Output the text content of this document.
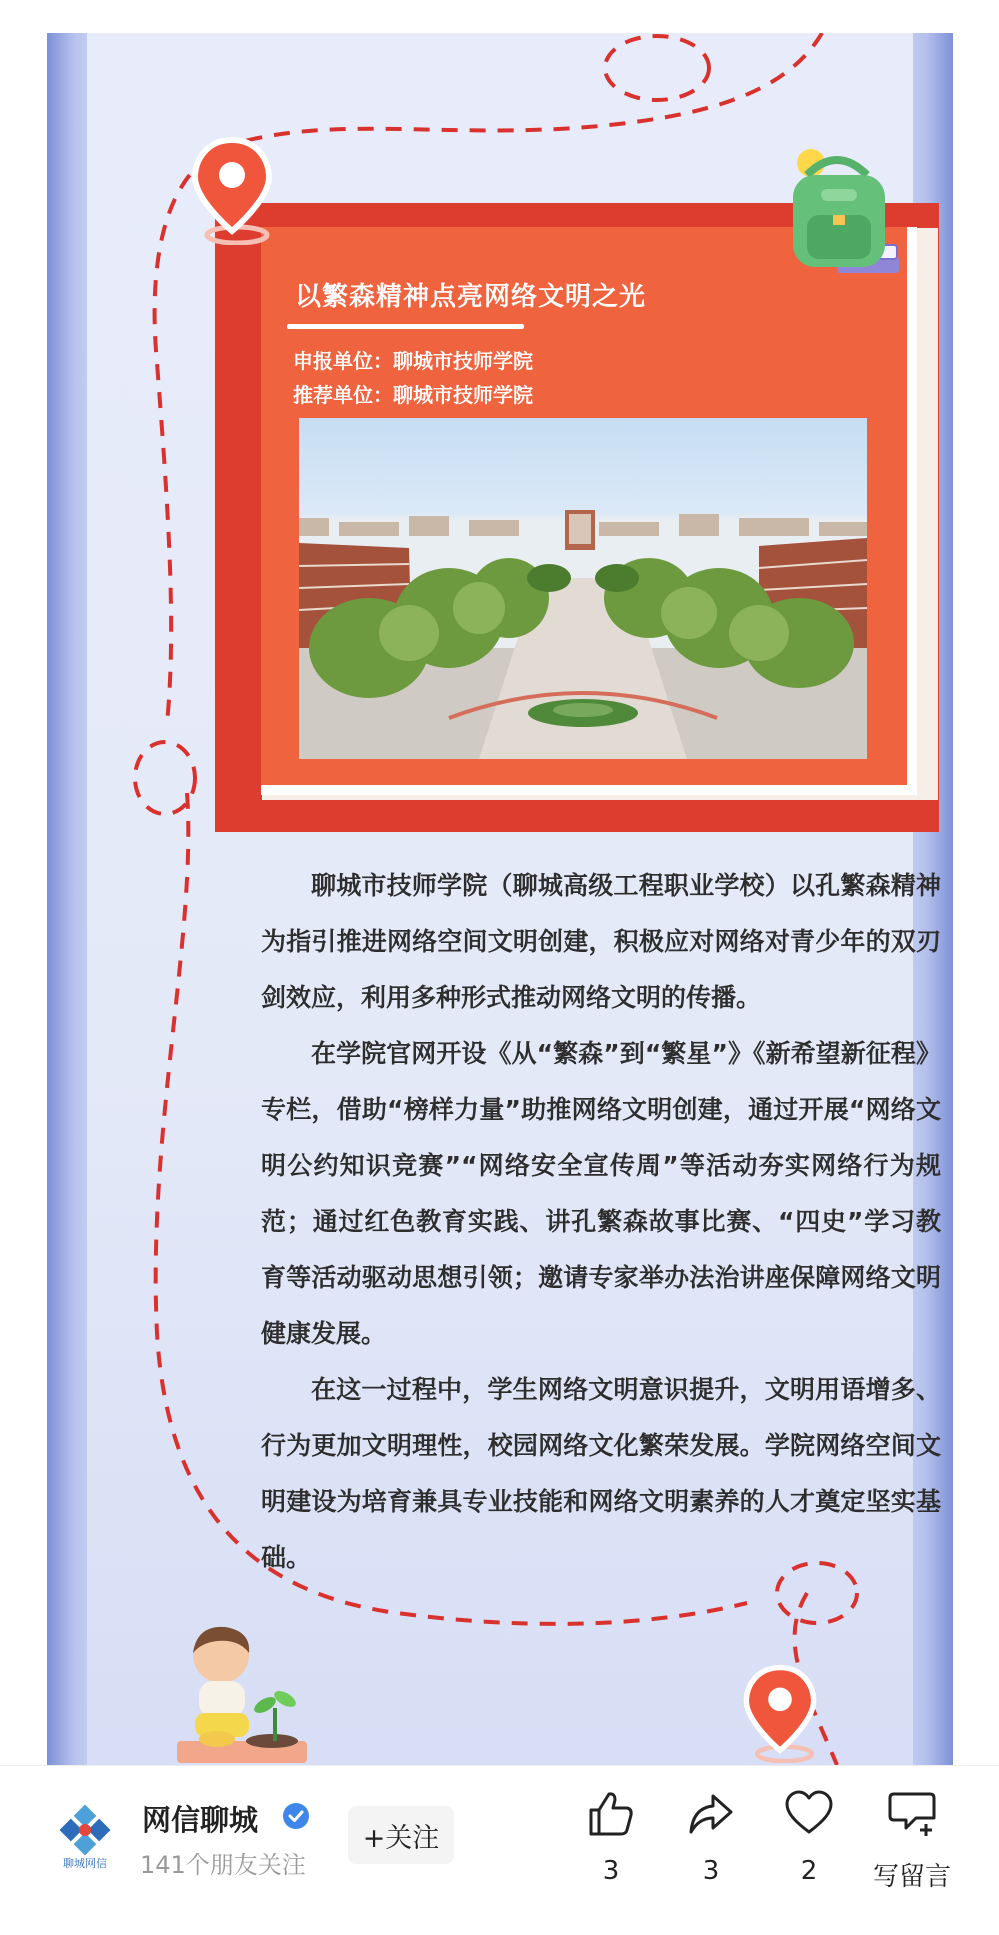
以繁森精神点亮网络文明之光
申报单位：聊城市技师学院
推荐单位：聊城市技师学院

聊城市技师学院（聊城高级工程职业学校）以孔繁森精神为指引推进网络空间文明创建，积极应对网络对青少年的双刃剑效应，利用多种形式推动网络文明的传播。

在学院官网开设《从“繁森”到“繁星”》《新希望新征程》专栏，借助“榜样力量”助推网络文明创建，通过开展“网络文明公约知识竞赛”“网络安全宣传周”等活动夯实网络行为规范；通过红色教育实践、讲孔繁森故事比赛、“四史”学习教育等活动驱动思想引领；邀请专家举办法治讲座保障网络文明健康发展。

在这一过程中，学生网络文明意识提升，文明用语增多、行为更加文明理性，校园网络文化繁荣发展。学院网络空间文明建设为培育兼具专业技能和网络文明素养的人才奠定坚实基础。

聊城网信
网信聊城
141个朋友关注
+关注
3	3	2	写留言
